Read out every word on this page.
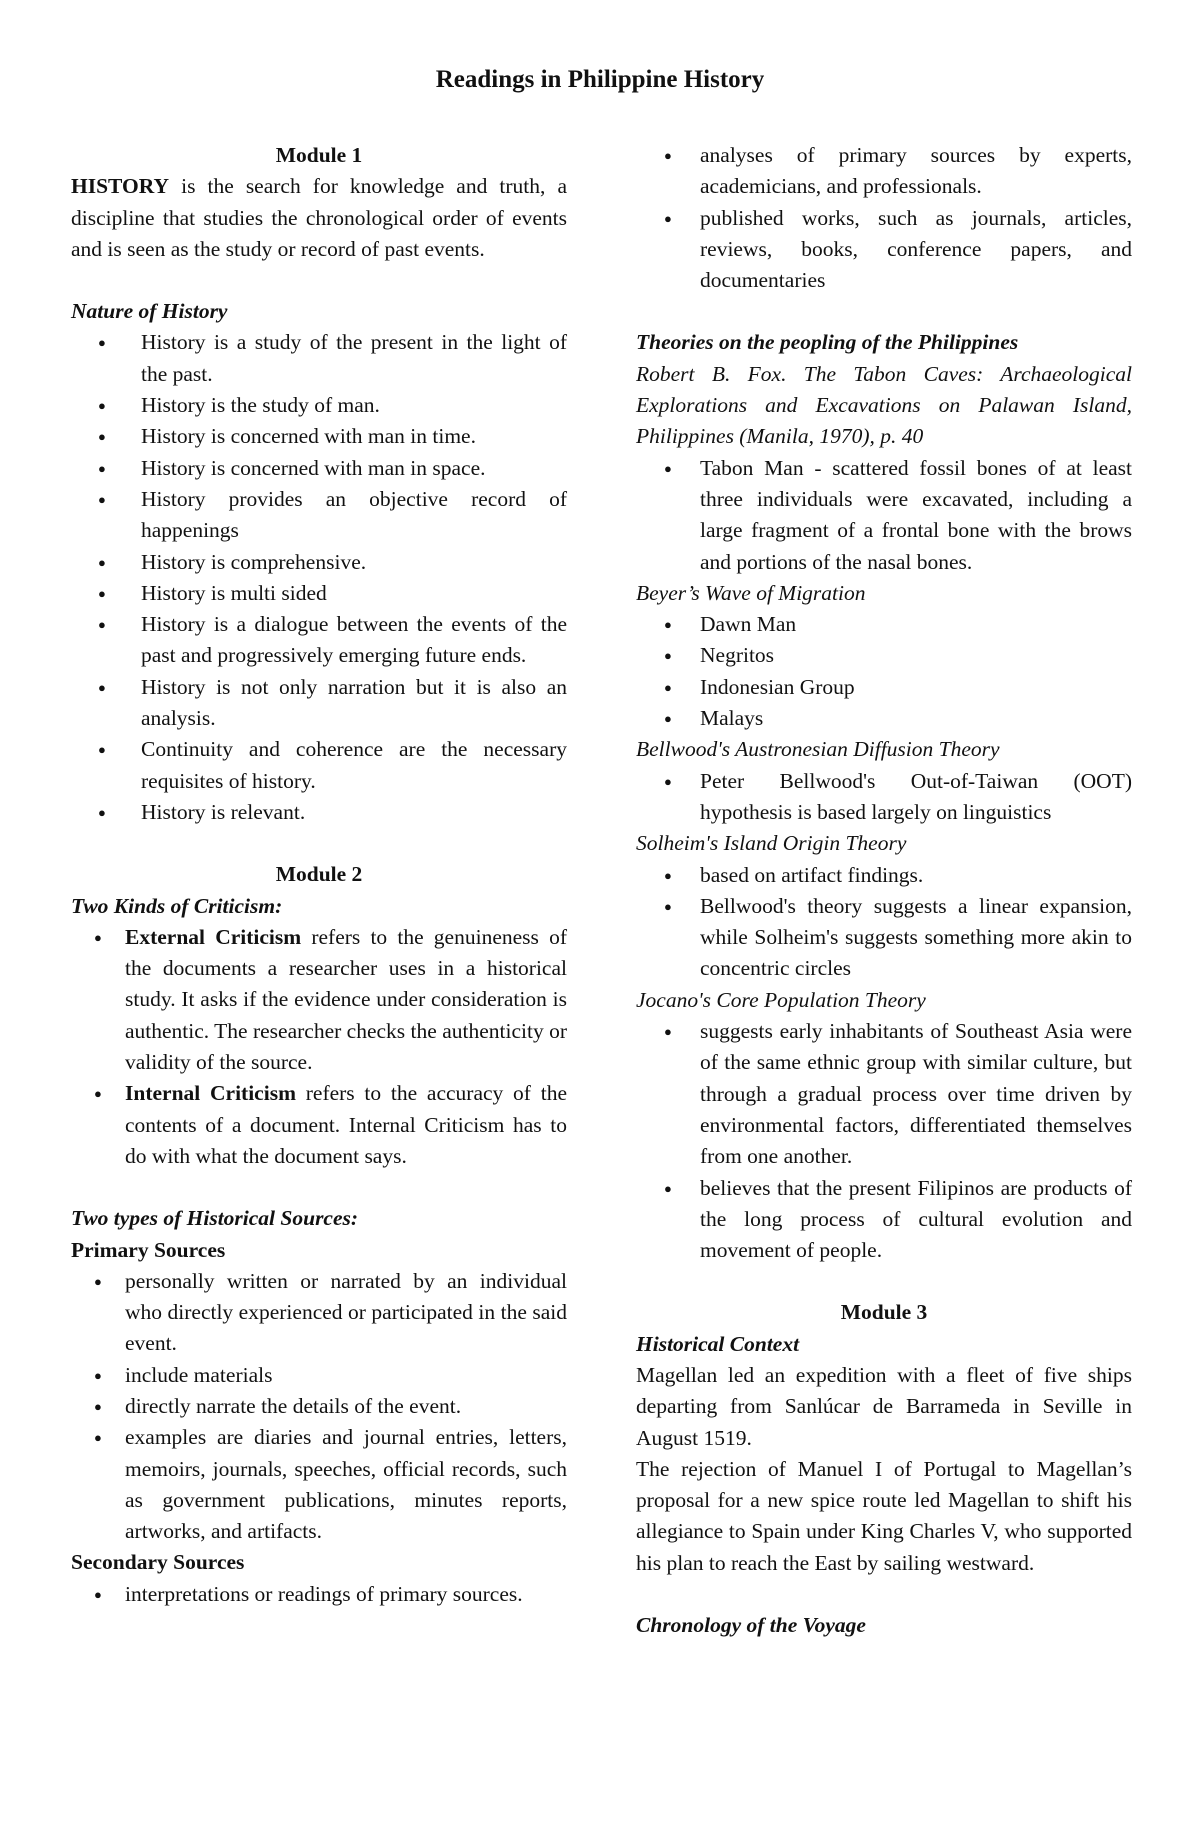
Readings in Philippine History

Module 1

HISTORY is the search for knowledge and truth, a discipline that studies the chronological order of events and is seen as the study or record of past events.

Nature of History

● History is a study of the present in the light of the past.
● History is the study of man.
● History is concerned with man in time.
● History is concerned with man in space.
● History provides an objective record of happenings
● History is comprehensive.
● History is multi sided
● History is a dialogue between the events of the past and progressively emerging future ends.
● History is not only narration but it is also an analysis.
● Continuity and coherence are the necessary requisites of history.
● History is relevant.

Module 2

Two Kinds of Criticism:

● External Criticism refers to the genuineness of the documents a researcher uses in a historical study. It asks if the evidence under consideration is authentic. The researcher checks the authenticity or validity of the source.
● Internal Criticism refers to the accuracy of the contents of a document. Internal Criticism has to do with what the document says.

Two types of Historical Sources:

Primary Sources

● personally written or narrated by an individual who directly experienced or participated in the said event.
● include materials
● directly narrate the details of the event.
● examples are diaries and journal entries, letters, memoirs, journals, speeches, official records, such as government publications, minutes reports, artworks, and artifacts.

Secondary Sources

● interpretations or readings of primary sources.
● analyses of primary sources by experts, academicians, and professionals.
● published works, such as journals, articles, reviews, books, conference papers, and documentaries

Theories on the peopling of the Philippines

Robert B. Fox. The Tabon Caves: Archaeological Explorations and Excavations on Palawan Island, Philippines (Manila, 1970), p. 40

● Tabon Man - scattered fossil bones of at least three individuals were excavated, including a large fragment of a frontal bone with the brows and portions of the nasal bones.

Beyer’s Wave of Migration

● Dawn Man
● Negritos
● Indonesian Group
● Malays

Bellwood's Austronesian Diffusion Theory

● Peter Bellwood's Out-of-Taiwan (OOT) hypothesis is based largely on linguistics

Solheim's Island Origin Theory

● based on artifact findings.
● Bellwood's theory suggests a linear expansion, while Solheim's suggests something more akin to concentric circles

Jocano's Core Population Theory

● suggests early inhabitants of Southeast Asia were of the same ethnic group with similar culture, but through a gradual process over time driven by environmental factors, differentiated themselves from one another.
● believes that the present Filipinos are products of the long process of cultural evolution and movement of people.

Module 3

Historical Context

Magellan led an expedition with a fleet of five ships departing from Sanlúcar de Barrameda in Seville in August 1519.

The rejection of Manuel I of Portugal to Magellan’s proposal for a new spice route led Magellan to shift his allegiance to Spain under King Charles V, who supported his plan to reach the East by sailing westward.

Chronology of the Voyage
